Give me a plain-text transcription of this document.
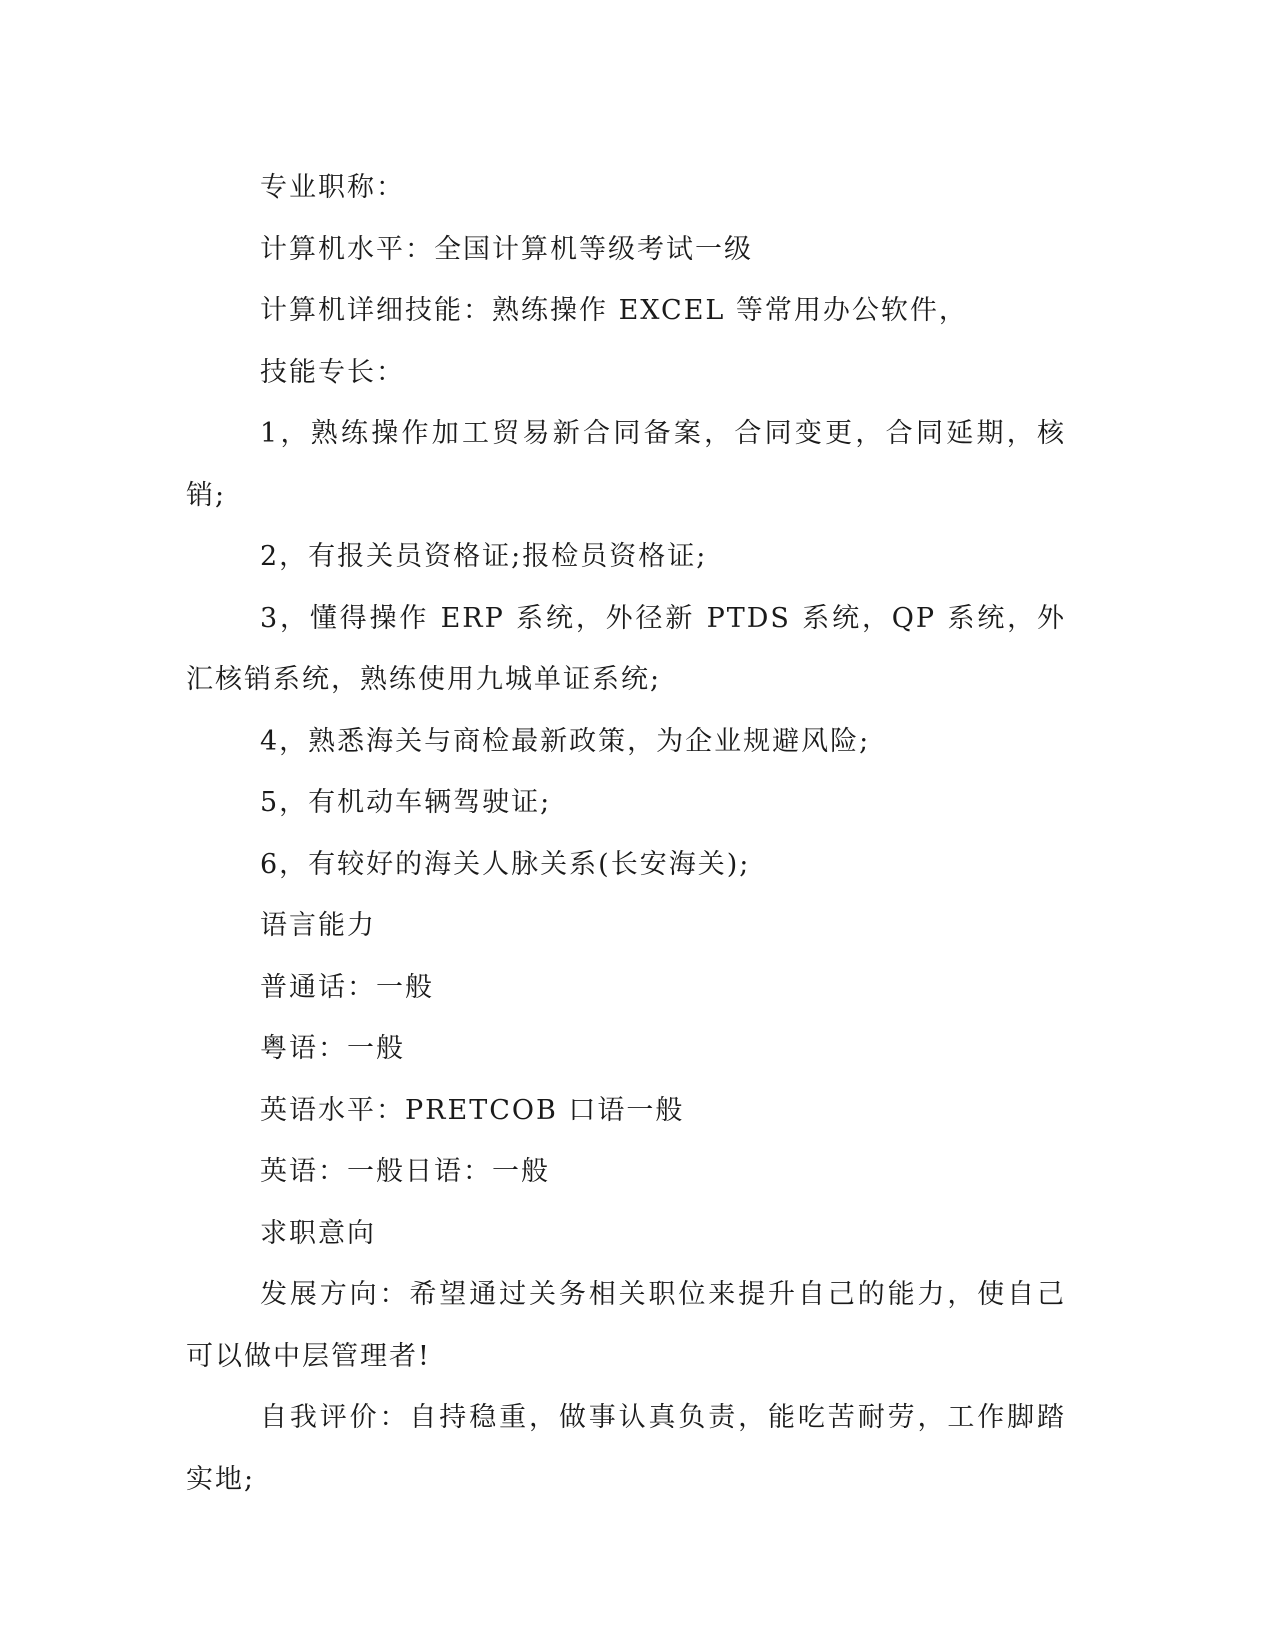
专业职称：

计算机水平：全国计算机等级考试一级

计算机详细技能：熟练操作 EXCEL 等常用办公软件，

技能专长：

1，熟练操作加工贸易新合同备案，合同变更，合同延期，核销;

2，有报关员资格证;报检员资格证;

3，懂得操作 ERP 系统，外径新 PTDS 系统，QP 系统，外汇核销系统，熟练使用九城单证系统;

4，熟悉海关与商检最新政策，为企业规避风险;

5，有机动车辆驾驶证;

6，有较好的海关人脉关系(长安海关);

语言能力

普通话：一般

粤语：一般

英语水平：PRETCOB 口语一般

英语：一般日语：一般

求职意向

发展方向：希望通过关务相关职位来提升自己的能力，使自己可以做中层管理者!

自我评价：自持稳重，做事认真负责，能吃苦耐劳，工作脚踏实地;
